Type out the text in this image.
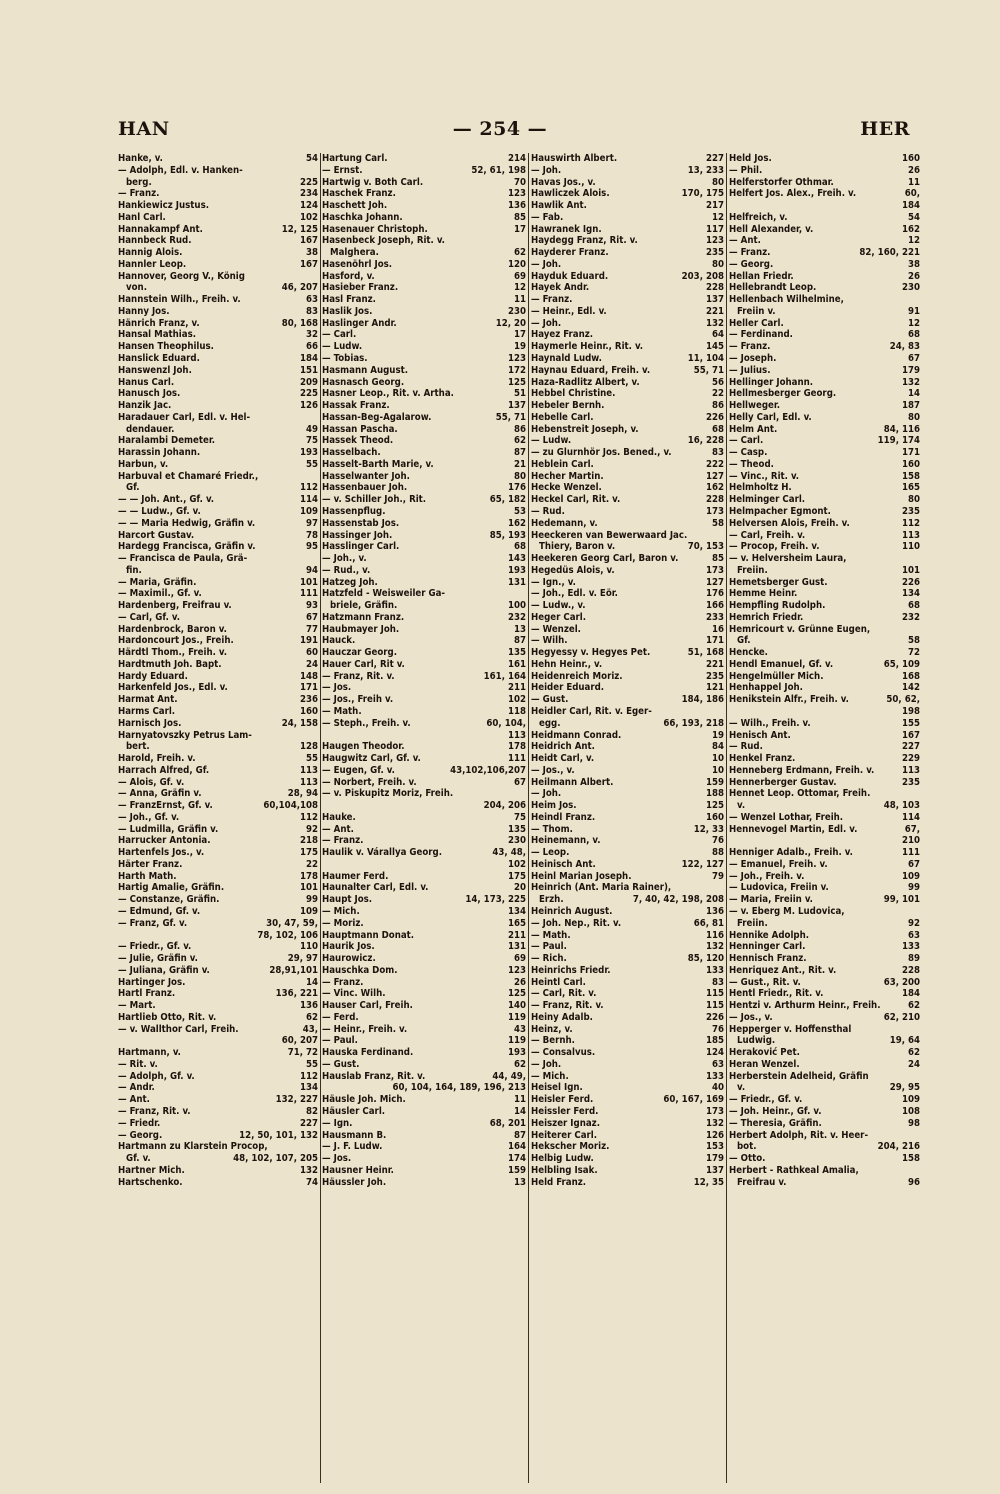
HAN	— 254 —	HER
Hanke, v.	54
— Adolph, Edl. v. Hanken-
berg.	225
— Franz.	234
Hankiewicz Justus.	124
Hanl Carl.	102
Hannakampf Ant.	12, 125
Hannbeck Rud.	167
Hannig Alois.	38
Hannler Leop.	167
Hannover, Georg V., König
von.	46, 207
Hannstein Wilh., Freih. v.	63
Hanny Jos.	83
Hänrich Franz, v.	80, 168
Hansal Mathias.	32
Hansen Theophilus.	66
Hanslick Eduard.	184
Hanswenzl Joh.	151
Hanus Carl.	209
Hanusch Jos.	225
Hanzik Jac.	126
Haradauer Carl, Edl. v. Hel-
dendauer.	49
Haralambi Demeter.	75
Harassin Johann.	193
Harbun, v.	55
Harbuval et Chamaré Friedr.,
Gf.	112
— — Joh. Ant., Gf. v.	114
— — Ludw., Gf. v.	109
— — Maria Hedwig, Gräfin v.	97
Harcort Gustav.	78
Hardegg Francisca, Gräfin v.	95
— Francisca de Paula, Grä-
fin.	94
— Maria, Gräfin.	101
— Maximil., Gf. v.	111
Hardenberg, Freifrau v.	93
— Carl, Gf. v.	67
Hardenbrock, Baron v.	77
Hardoncourt Jos., Freih.	191
Härdtl Thom., Freih. v.	60
Hardtmuth Joh. Bapt.	24
Hardy Eduard.	148
Harkenfeld Jos., Edl. v.	171
Harmat Ant.	236
Harms Carl.	160
Harnisch Jos.	24, 158
Harnyatovszky Petrus Lam-
bert.	128
Harold, Freih. v.	55
Harrach Alfred, Gf.	113
— Alois, Gf. v.	113
— Anna, Gräfin v.	28, 94
— FranzErnst, Gf. v.	60,104,108
— Joh., Gf. v.	112
— Ludmilla, Gräfin v.	92
Harrucker Antonia.	218
Hartenfels Jos., v.	175
Härter Franz.	22
Harth Math.	178
Hartig Amalie, Gräfin.	101
— Constanze, Gräfin.	99
— Edmund, Gf. v.	109
— Franz, Gf. v.	30, 47, 59,
78, 102, 106
— Friedr., Gf. v.	110
— Julie, Gräfin v.	29, 97
— Juliana, Gräfin v.	28,91,101
Hartinger Jos.	14
Hartl Franz.	136, 221
— Mart.	136
Hartlieb Otto, Rit. v.	62
— v. Wallthor Carl, Freih.	43,
60, 207
Hartmann, v.	71, 72
— Rit. v.	55
— Adolph, Gf. v.	112
— Andr.	134
— Ant.	132, 227
— Franz, Rit. v.	82
— Friedr.	227
— Georg.	12, 50, 101, 132
Hartmann zu Klarstein Procop,
Gf. v.	48, 102, 107, 205
Hartner Mich.	132
Hartschenko.	74
Hartung Carl.	214
— Ernst.	52, 61, 198
Hartwig v. Both Carl.	70
Haschek Franz.	123
Haschett Joh.	136
Haschka Johann.	85
Hasenauer Christoph.	17
Hasenbeck Joseph, Rit. v.
Malghera.	62
Hasenöhrl Jos.	120
Hasford, v.	69
Hasieber Franz.	12
Hasl Franz.	11
Haslik Jos.	230
Haslinger Andr.	12, 20
— Carl.	17
— Ludw.	19
— Tobias.	123
Hasmann August.	172
Hasnasch Georg.	125
Hasner Leop., Rit. v. Artha.	51
Hassak Franz.	137
Hassan-Beg-Agalarow.	55, 71
Hassan Pascha.	86
Hassek Theod.	62
Hasselbach.	87
Hasselt-Barth Marie, v.	21
Hasselwanter Joh.	80
Hassenbauer Joh.	176
— v. Schiller Joh., Rit.	65, 182
Hassenpflug.	53
Hassenstab Jos.	162
Hassinger Joh.	85, 193
Hasslinger Carl.	68
— Joh., v.	143
— Rud., v.	193
Hatzeg Joh.	131
Hatzfeld - Weisweiler Ga-
briele, Gräfin.	100
Hatzmann Franz.	232
Haubmayer Joh.	13
Hauck.	87
Hauczar Georg.	135
Hauer Carl, Rit v.	161
— Franz, Rit. v.	161, 164
— Jos.	211
— Jos., Freih v.	102
— Math.	118
— Steph., Freih. v.	60, 104,
113
Haugen Theodor.	178
Haugwitz Carl, Gf. v.	111
— Eugen, Gf. v.	43,102,106,207
— Norbert, Freih. v.	67
— v. Piskupitz Moriz, Freih.
204, 206
Hauke.	75
— Ant.	135
— Franz.	230
Haulik v. Várallya Georg.	43, 48,
102
Haumer Ferd.	175
Haunalter Carl, Edl. v.	20
Haupt Jos.	14, 173, 225
— Mich.	134
— Moriz.	165
Hauptmann Donat.	211
Haurik Jos.	131
Haurowicz.	69
Hauschka Dom.	123
— Franz.	26
— Vinc. Wilh.	125
Hauser Carl, Freih.	140
— Ferd.	119
— Heinr., Freih. v.	43
— Paul.	119
Hauska Ferdinand.	193
— Gust.	62
Hauslab Franz, Rit. v.	44, 49,
60, 104, 164, 189, 196, 213
Häusle Joh. Mich.	11
Häusler Carl.	14
— Ign.	68, 201
Hausmann B.	87
— J. F. Ludw.	164
— Jos.	174
Hausner Heinr.	159
Häussler Joh.	13
Hauswirth Albert.	227
— Joh.	13, 233
Havas Jos., v.	80
Hawliczek Alois.	170, 175
Hawlik Ant.	217
— Fab.	12
Hawranek Ign.	117
Haydegg Franz, Rit. v.	123
Hayderer Franz.	235
— Joh.	80
Hayduk Eduard.	203, 208
Hayek Andr.	228
— Franz.	137
— Heinr., Edl. v.	221
— Joh.	132
Hayez Franz.	64
Haymerle Heinr., Rit. v.	145
Haynald Ludw.	11, 104
Haynau Eduard, Freih. v.	55, 71
Haza-Radlitz Albert, v.	56
Hebbel Christine.	22
Hebeler Bernh.	86
Hebelle Carl.	226
Hebenstreit Joseph, v.	68
— Ludw.	16, 228
— zu Glurnhör Jos. Bened., v.	83
Heblein Carl.	222
Hecher Martin.	127
Hecke Wenzel.	162
Heckel Carl, Rit. v.	228
— Rud.	173
Hedemann, v.	58
Heeckeren van Bewerwaard Jac.
Thiery, Baron v.	70, 153
Heekeren Georg Carl, Baron v.	85
Hegedüs Alois, v.	173
— Ign., v.	127
— Joh., Edl. v. Eör.	176
— Ludw., v.	166
Heger Carl.	233
— Wenzel.	16
— Wilh.	171
Hegyessy v. Hegyes Pet.	51, 168
Hehn Heinr., v.	221
Heidenreich Moriz.	235
Heider Eduard.	121
— Gust.	184, 186
Heidler Carl, Rit. v. Eger-
egg.	66, 193, 218
Heidmann Conrad.	19
Heidrich Ant.	84
Heidt Carl, v.	10
— Jos., v.	10
Heilmann Albert.	159
— Joh.	188
Heim Jos.	125
Heindl Franz.	160
— Thom.	12, 33
Heinemann, v.	76
— Leop.	88
Heinisch Ant.	122, 127
Heinl Marian Joseph.	79
Heinrich (Ant. Maria Rainer),
Erzh.	7, 40, 42, 198, 208
Heinrich August.	136
— Joh. Nep., Rit. v.	66, 81
— Math.	116
— Paul.	132
— Rich.	85, 120
Heinrichs Friedr.	133
Heintl Carl.	83
— Carl, Rit. v.	115
— Franz, Rit. v.	115
Heiny Adalb.	226
Heinz, v.	76
— Bernh.	185
— Consalvus.	124
— Joh.	63
— Mich.	133
Heisel Ign.	40
Heisler Ferd.	60, 167, 169
Heissler Ferd.	173
Heiszer Ignaz.	132
Heiterer Carl.	126
Hekscher Moriz.	153
Helbig Ludw.	179
Helbling Isak.	137
Held Franz.	12, 35
Held Jos.	160
— Phil.	26
Helferstorfer Othmar.	11
Helfert Jos. Alex., Freih. v.	60,
184
Helfreich, v.	54
Hell Alexander, v.	162
— Ant.	12
— Franz.	82, 160, 221
— Georg.	38
Hellan Friedr.	26
Hellebrandt Leop.	230
Hellenbach Wilhelmine,
Freiin v.	91
Heller Carl.	12
— Ferdinand.	68
— Franz.	24, 83
— Joseph.	67
— Julius.	179
Hellinger Johann.	132
Hellmesberger Georg.	14
Hellweger.	187
Helly Carl, Edl. v.	80
Helm Ant.	84, 116
— Carl.	119, 174
— Casp.	171
— Theod.	160
— Vinc., Rit. v.	158
Helmholtz H.	165
Helminger Carl.	80
Helmpacher Egmont.	235
Helversen Alois, Freih. v.	112
— Carl, Freih. v.	113
— Procop, Freih. v.	110
— v. Helversheim Laura,
Freiin.	101
Hemetsberger Gust.	226
Hemme Heinr.	134
Hempfling Rudolph.	68
Hemrich Friedr.	232
Hemricourt v. Grünne Eugen,
Gf.	58
Hencke.	72
Hendl Emanuel, Gf. v.	65, 109
Hengelmüller Mich.	168
Henhappel Joh.	142
Henikstein Alfr., Freih. v.	50, 62,
198
— Wilh., Freih. v.	155
Henisch Ant.	167
— Rud.	227
Henkel Franz.	229
Henneberg Erdmann, Freih. v.	113
Hennerberger Gustav.	235
Hennet Leop. Ottomar, Freih.
v.	48, 103
— Wenzel Lothar, Freih.	114
Hennevogel Martin, Edl. v.	67,
210
Henniger Adalb., Freih. v.	111
— Emanuel, Freih. v.	67
— Joh., Freih. v.	109
— Ludovica, Freiin v.	99
— Maria, Freiin v.	99, 101
— v. Eberg M. Ludovica,
Freiin.	92
Hennike Adolph.	63
Henninger Carl.	133
Hennisch Franz.	89
Henriquez Ant., Rit. v.	228
— Gust., Rit. v.	63, 200
Hentl Friedr., Rit. v.	184
Hentzi v. Arthurm Heinr., Freih.	62
— Jos., v.	62, 210
Hepperger v. Hoffensthal
Ludwig.	19, 64
Heraković Pet.	62
Heran Wenzel.	24
Herberstein Adelheid, Gräfin
v.	29, 95
— Friedr., Gf. v.	109
— Joh. Heinr., Gf. v.	108
— Theresia, Gräfin.	98
Herbert Adolph, Rit. v. Heer-
bot.	204, 216
— Otto.	158
Herbert - Rathkeal Amalia,
Freifrau v.	96
